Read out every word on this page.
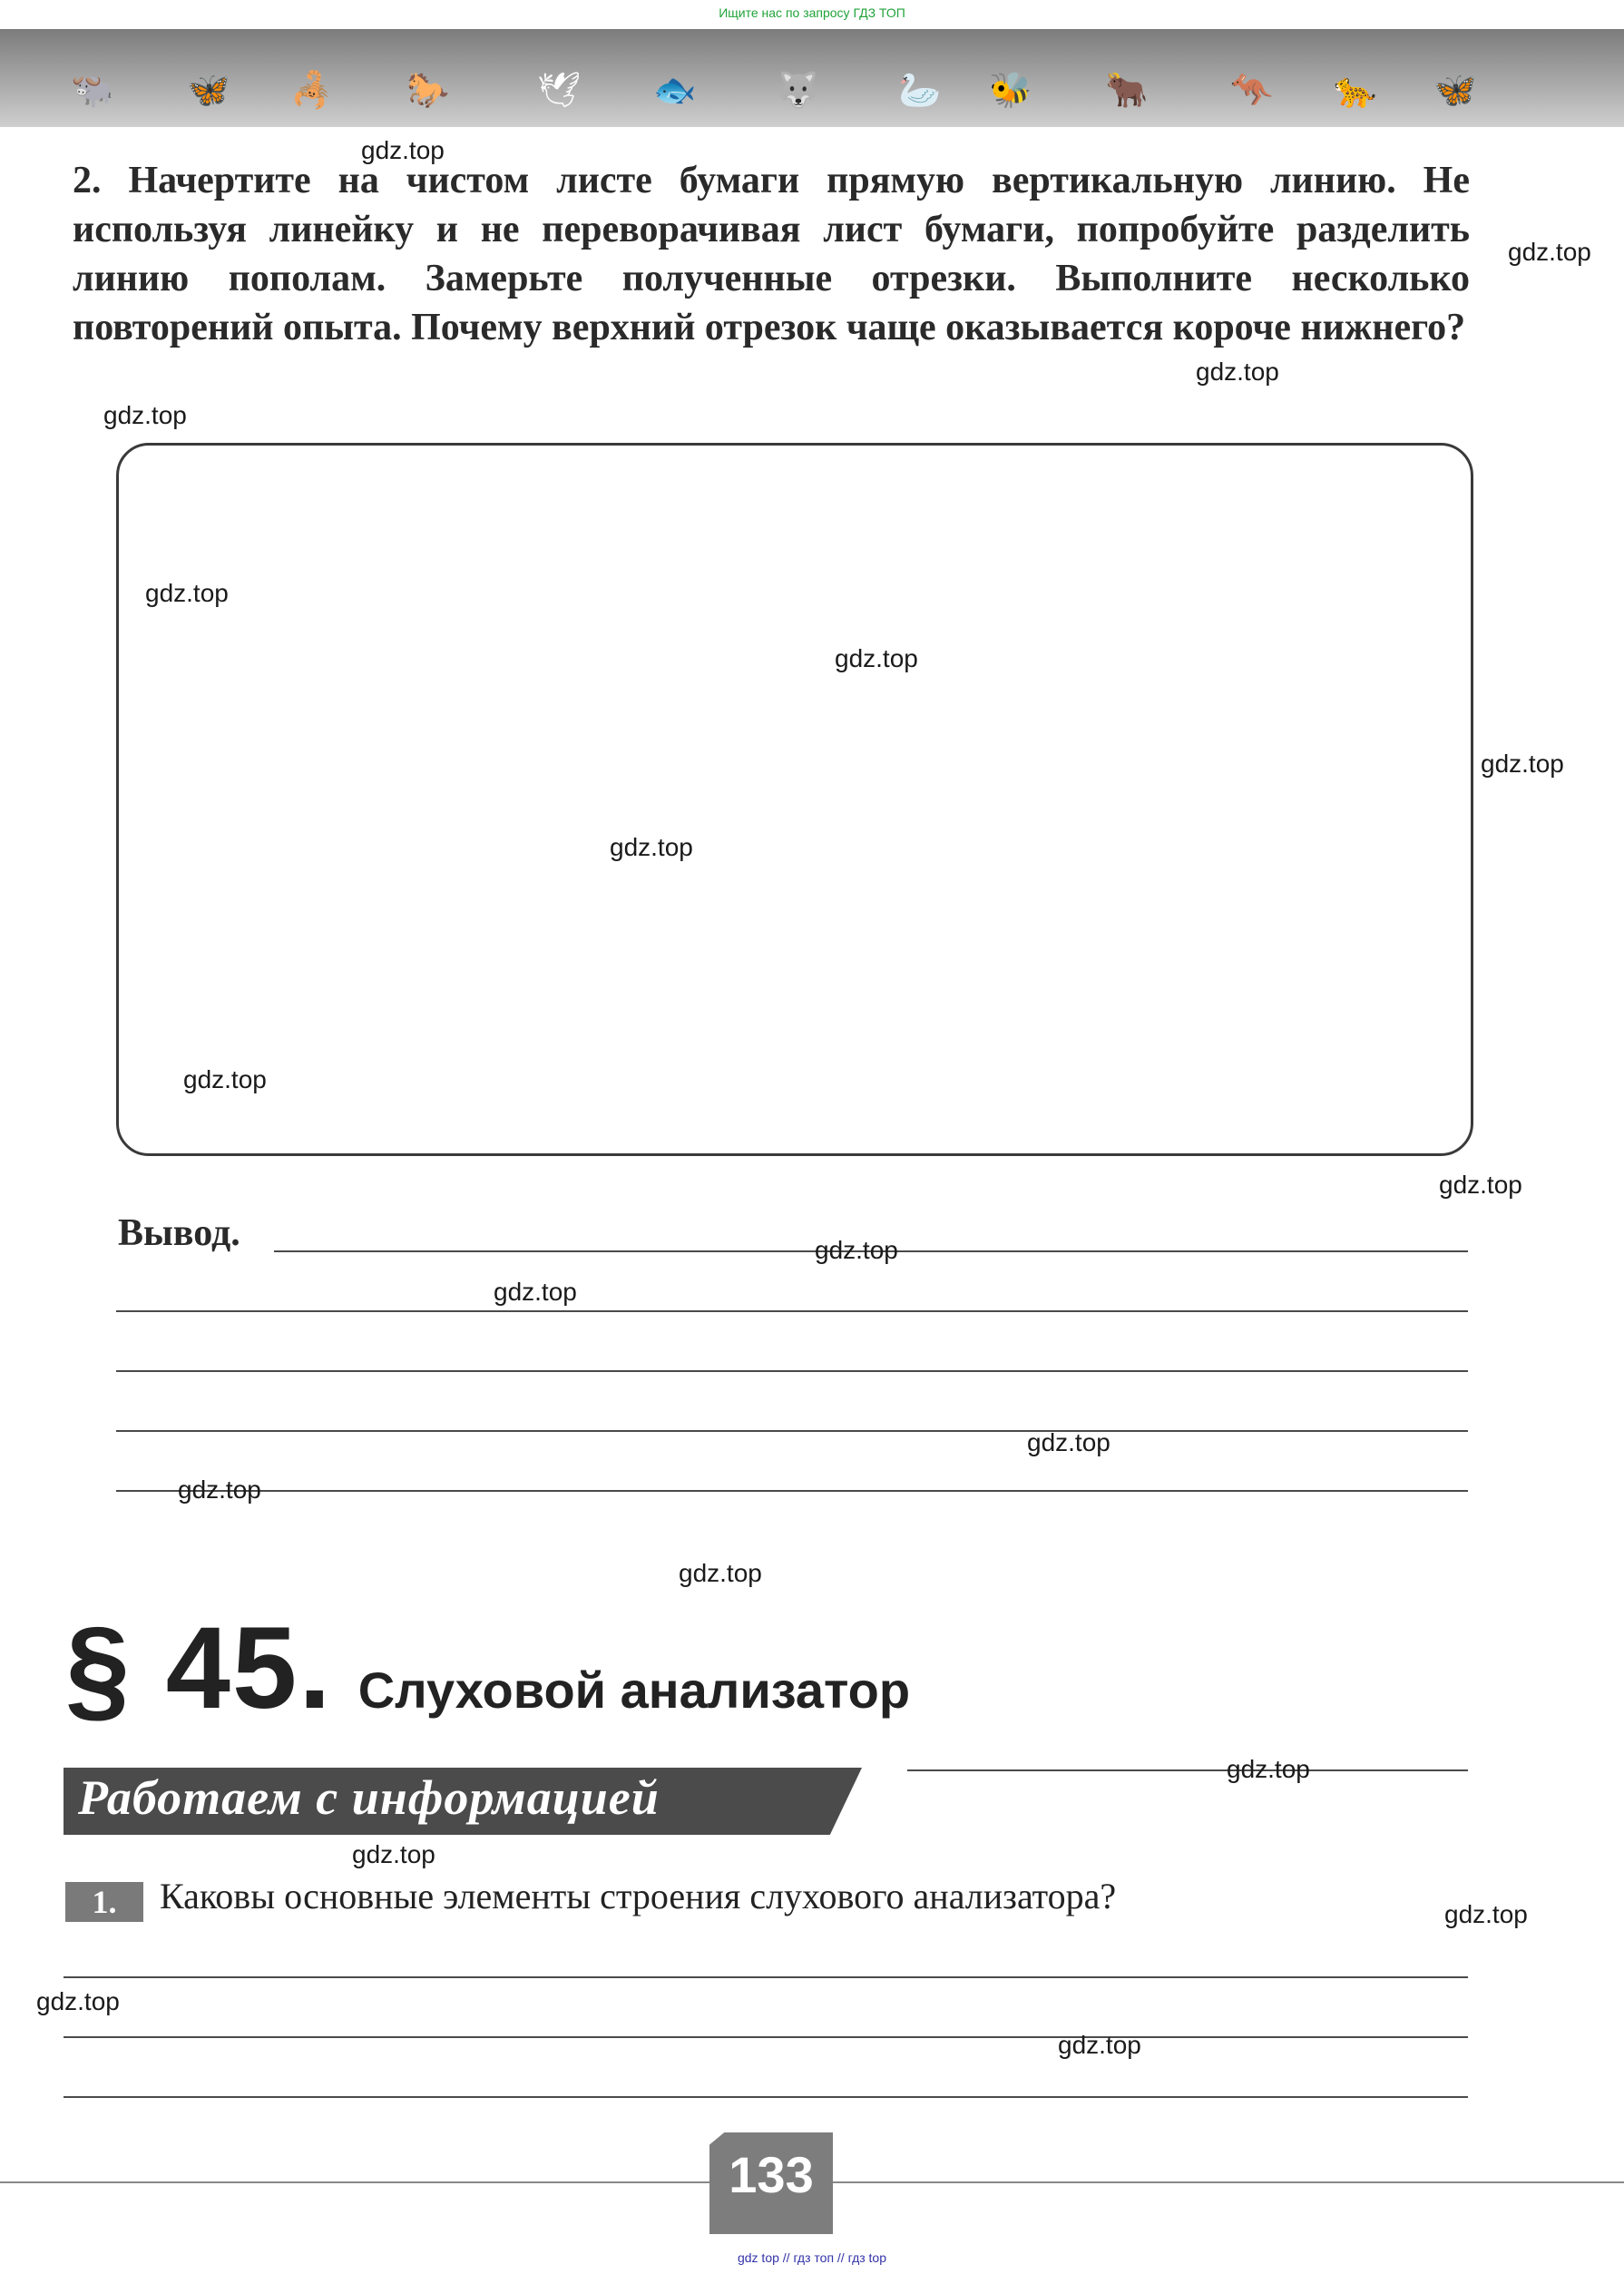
Ищите нас по запросу ГДЗ ТОП
🐃 🦋 🦂 🐎	🕊 🐟 🐺 🦢 🐝 🐂 🦘 🐆 🦋
2. Начертите на чистом листе бумаги прямую вертикальную линию. Не используя линейку и не переворачивая лист бумаги, попробуйте разделить линию пополам. Замерьте полученные отрезки. Выполните несколько повторений опыта. Почему верхний отрезок чаще оказывается короче нижнего?
Вывод.
§ 45. Слуховой анализатор
Работаем с информацией
1.	Каковы основные элементы строения слухового анализатора?
133
gdz top // гдз топ // гдз top
gdz.top
gdz.top
gdz.top
gdz.top
gdz.top
gdz.top
gdz.top
gdz.top
gdz.top
gdz.top
gdz.top
gdz.top
gdz.top
gdz.top
gdz.top
gdz.top
gdz.top
gdz.top
gdz.top
gdz.top
